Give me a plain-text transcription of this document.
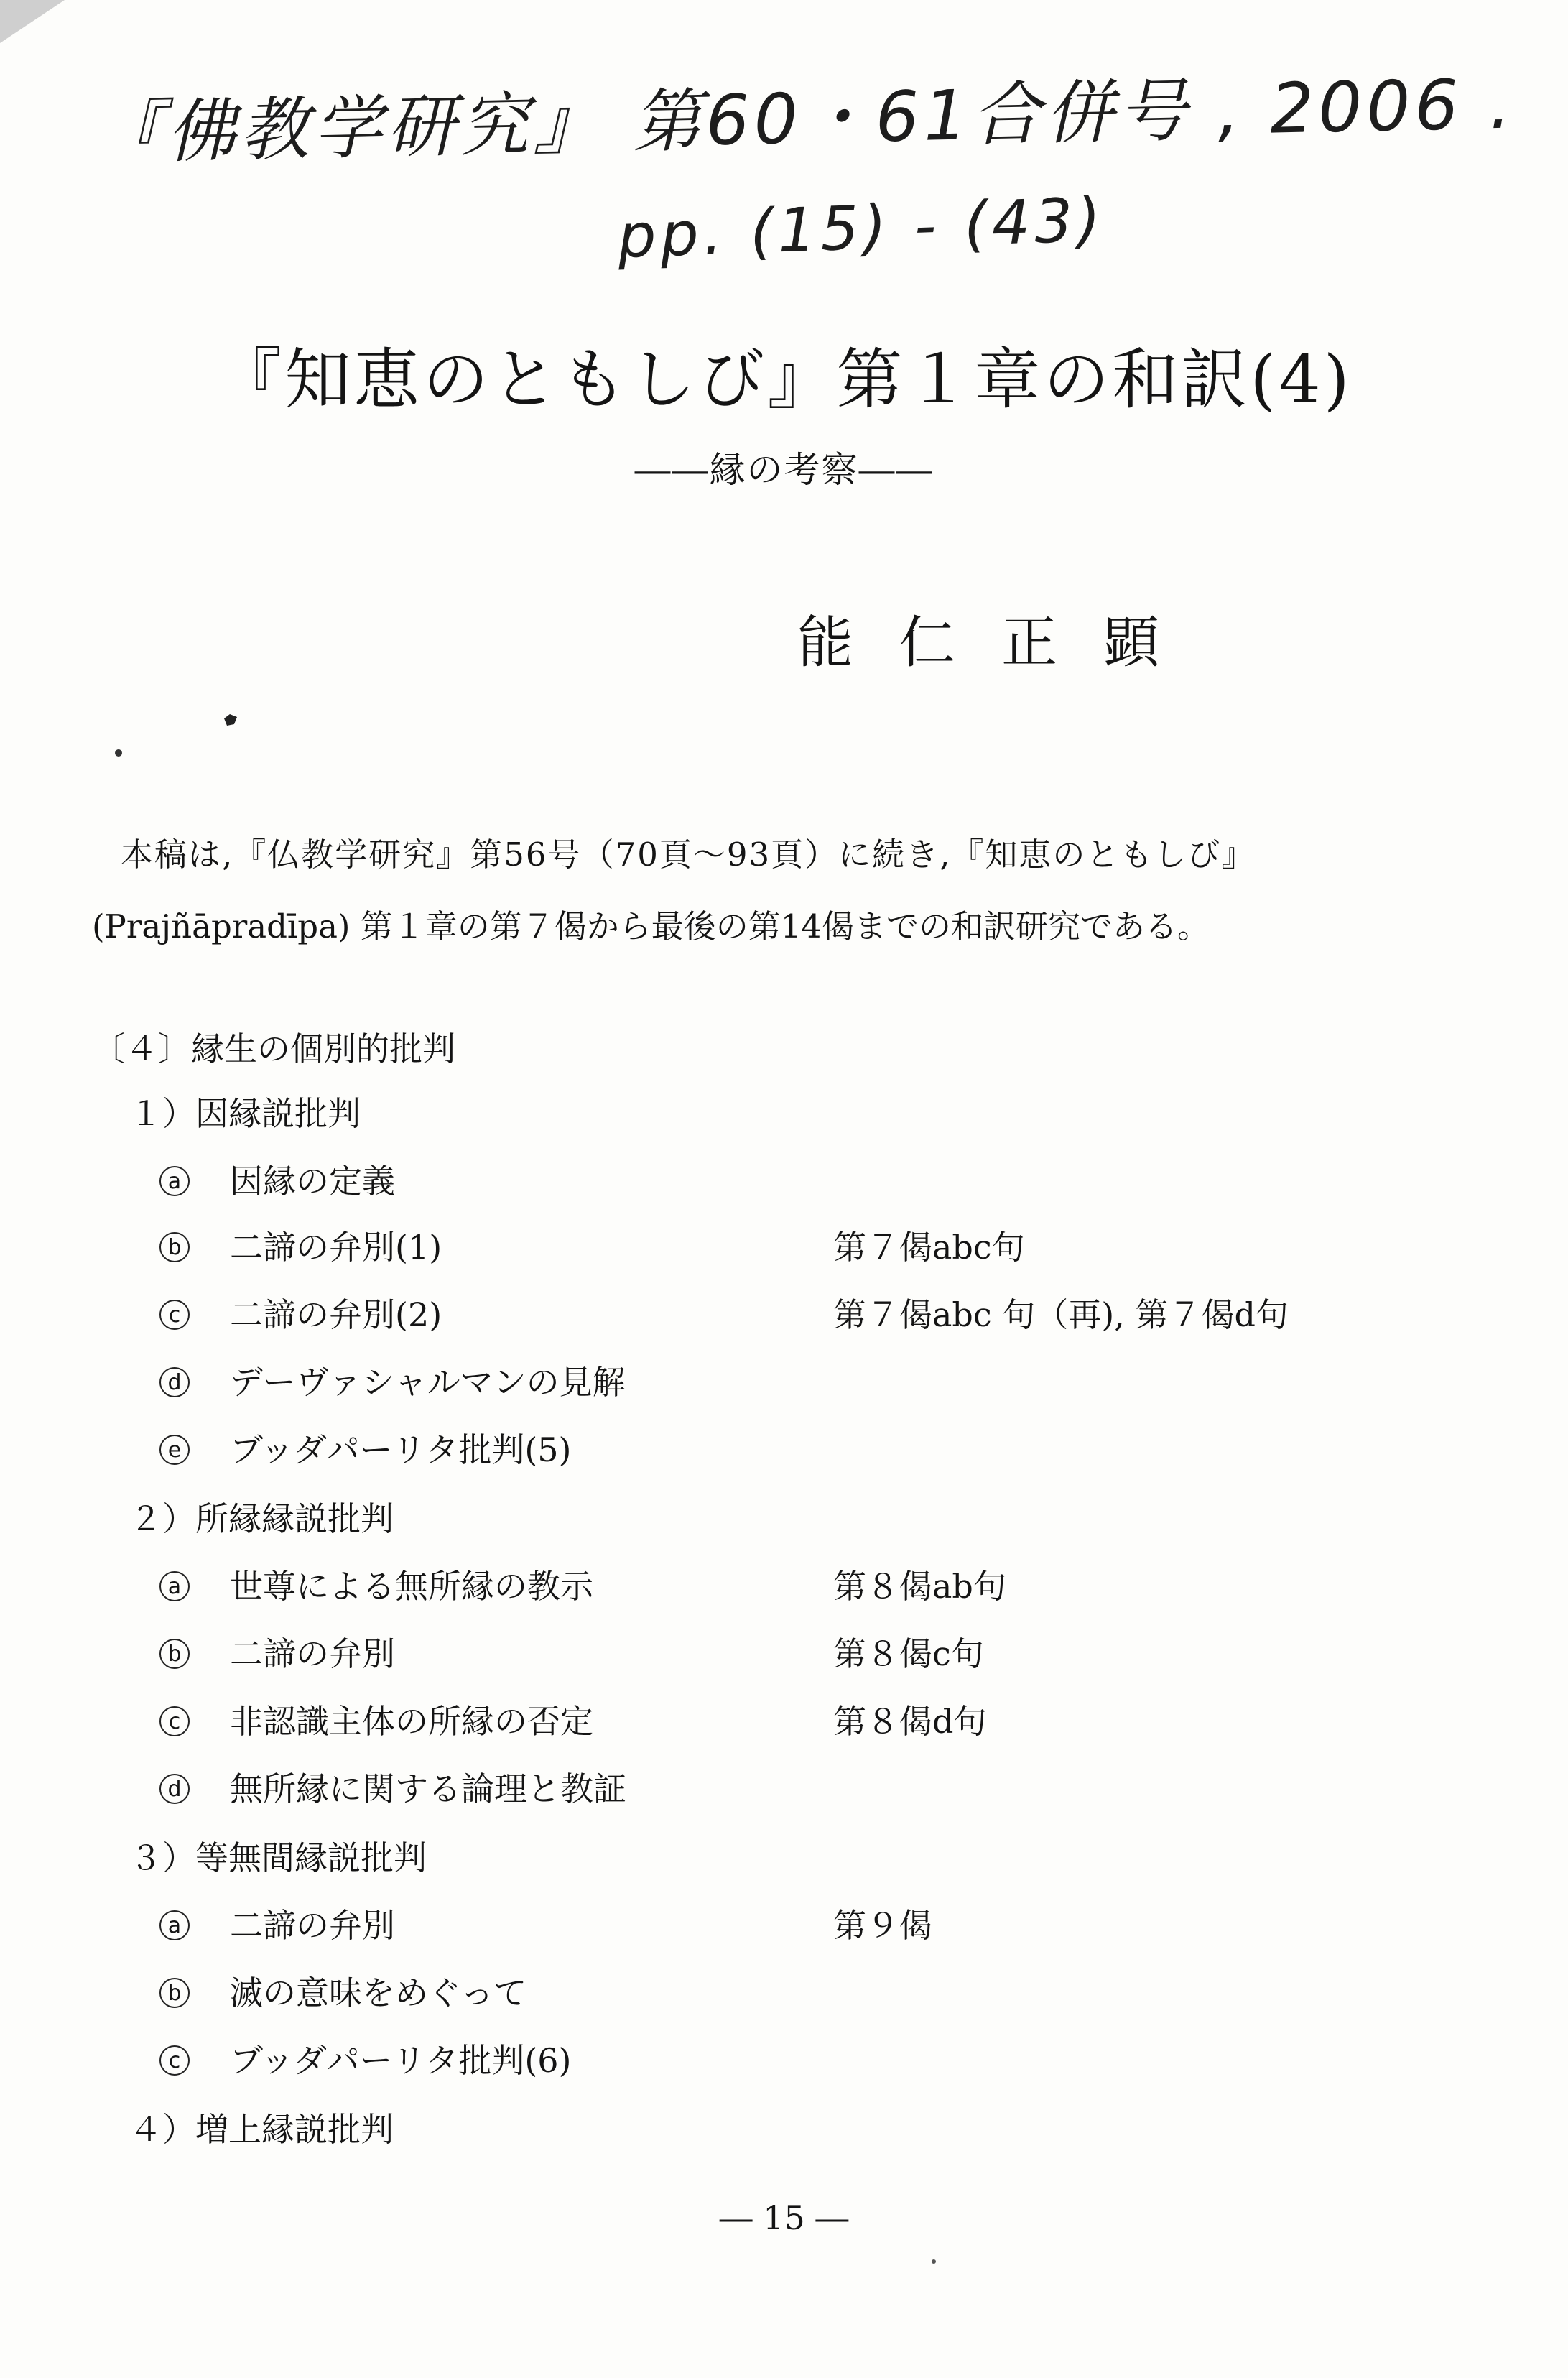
『佛教学研究』 第60・61合併号 , 2006 .
pp. (15) - (43)
『知恵のともしび』第１章の和訳(4)
――縁の考察――
能仁正顕

本稿は,『仏教学研究』第56号（70頁～93頁）に続き,『知恵のともしび』

(Prajñāpradīpa) 第１章の第７偈から最後の第14偈までの和訳研究である。

〔４〕縁生の個別的批判
１）因縁説批判
a 因縁の定義
b 二諦の弁別(1)	第７偈abc句
c 二諦の弁別(2)	第７偈abc 句（再), 第７偈d句
d デーヴァシャルマンの見解
e ブッダパーリタ批判(5)
２）所縁縁説批判
a 世尊による無所縁の教示	第８偈ab句
b 二諦の弁別	第８偈c句
c 非認識主体の所縁の否定	第８偈d句
d 無所縁に関する論理と教証
３）等無間縁説批判
a 二諦の弁別	第９偈
b 滅の意味をめぐって
c ブッダパーリタ批判(6)
４）増上縁説批判
― 15 ―
